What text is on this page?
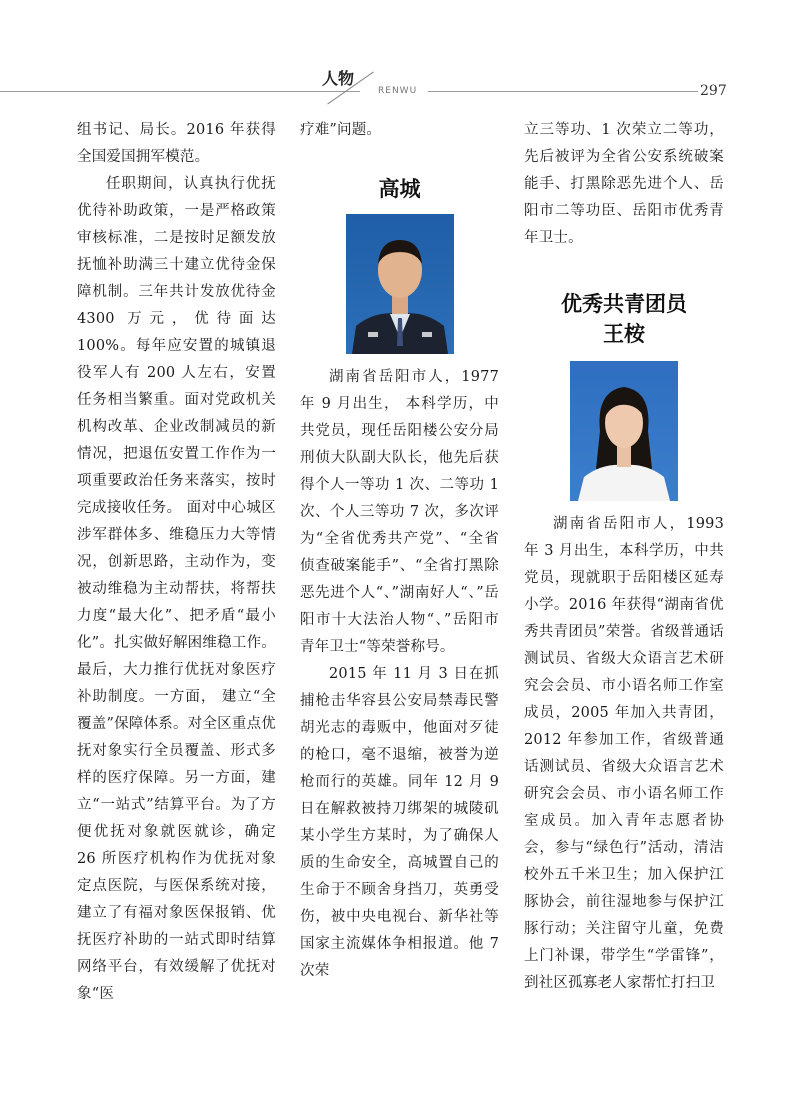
人物
RENWU	297

组书记、局长。2016 年获得全国爱国拥军模范。

任职期间，认真执行优抚优待补助政策，一是严格政策审核标准，二是按时足额发放抚恤补助满三十建立优待金保障机制。三年共计发放优待金 4300 万元，优待面达 100%。每年应安置的城镇退役军人有 200 人左右，安置任务相当繁重。面对党政机关机构改革、企业改制减员的新情况，把退伍安置工作作为一项重要政治任务来落实，按时完成接收任务。 面对中心城区涉军群体多、维稳压力大等情况，创新思路，主动作为，变被动维稳为主动帮扶，将帮扶力度“最大化”、把矛盾“最小化”。扎实做好解困维稳工作。最后，大力推行优抚对象医疗补助制度。一方面， 建立“全覆盖”保障体系。对全区重点优抚对象实行全员覆盖、形式多样的医疗保障。另一方面，建立“一站式”结算平台。为了方便优抚对象就医就诊，确定 26 所医疗机构作为优抚对象定点医院，与医保系统对接，建立了有福对象医保报销、优抚医疗补助的一站式即时结算网络平台，有效缓解了优抚对象“医

疗难”问题。

高城

湖南省岳阳市人，1977 年 9 月出生， 本科学历，中共党员，现任岳阳楼公安分局刑侦大队副大队长，他先后获得个人一等功 1 次、二等功 1 次、个人三等功 7 次，多次评为“全省优秀共产党”、“全省侦查破案能手”、“全省打黑除恶先进个人“、”湖南好人“、”岳阳市十大法治人物“、”岳阳市青年卫士“等荣誉称号。

2015 年 11 月 3 日在抓捕枪击华容县公安局禁毒民警胡光志的毒贩中，他面对歹徒的枪口，毫不退缩，被誉为逆枪而行的英雄。同年 12 月 9 日在解救被持刀绑架的城陵矶某小学生方某时，为了确保人质的生命安全，高城置自己的生命于不顾舍身挡刀，英勇受伤，被中央电视台、新华社等国家主流媒体争相报道。他 7 次荣

立三等功、1 次荣立二等功，先后被评为全省公安系统破案能手、打黑除恶先进个人、岳阳市二等功臣、岳阳市优秀青年卫士。

优秀共青团员
王桉

湖南省岳阳市人，1993 年 3 月出生，本科学历，中共党员，现就职于岳阳楼区延寿小学。2016 年获得“湖南省优秀共青团员”荣誉。省级普通话测试员、省级大众语言艺术研究会会员、市小语名师工作室成员，2005 年加入共青团，2012 年参加工作，省级普通话测试员、省级大众语言艺术研究会会员、市小语名师工作室成员。加入青年志愿者协会，参与“绿色行”活动，清洁校外五千米卫生；加入保护江豚协会，前往湿地参与保护江豚行动；关注留守儿童，免费上门补课，带学生“学雷锋”，到社区孤寡老人家帮忙打扫卫
